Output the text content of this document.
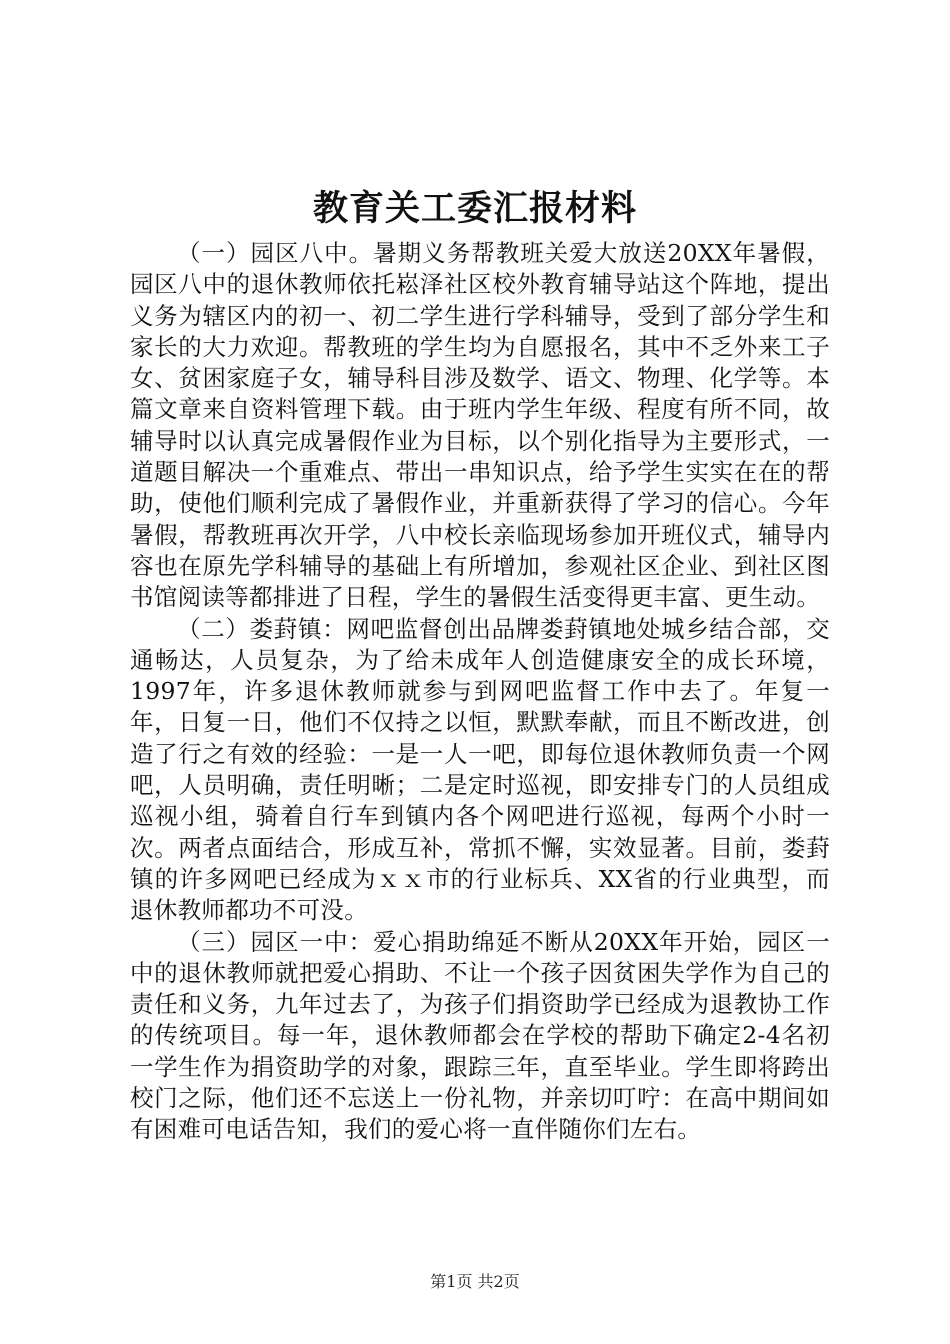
教育关工委汇报材料

（一）园区八中。暑期义务帮教班关爱大放送20XX年暑假，园区八中的退休教师依托崧泽社区校外教育辅导站这个阵地，提出义务为辖区内的初一、初二学生进行学科辅导，受到了部分学生和家长的大力欢迎。帮教班的学生均为自愿报名，其中不乏外来工子女、贫困家庭子女，辅导科目涉及数学、语文、物理、化学等。本篇文章来自资料管理下载。由于班内学生年级、程度有所不同，故辅导时以认真完成暑假作业为目标，以个别化指导为主要形式，一道题目解决一个重难点、带出一串知识点，给予学生实实在在的帮助，使他们顺利完成了暑假作业，并重新获得了学习的信心。今年暑假，帮教班再次开学，八中校长亲临现场参加开班仪式，辅导内容也在原先学科辅导的基础上有所增加，参观社区企业、到社区图书馆阅读等都排进了日程，学生的暑假生活变得更丰富、更生动。

（二）娄葑镇：网吧监督创出品牌娄葑镇地处城乡结合部，交通畅达，人员复杂，为了给未成年人创造健康安全的成长环境，1997年，许多退休教师就参与到网吧监督工作中去了。年复一年，日复一日，他们不仅持之以恒，默默奉献，而且不断改进，创造了行之有效的经验：一是一人一吧，即每位退休教师负责一个网吧，人员明确，责任明晰；二是定时巡视，即安排专门的人员组成巡视小组，骑着自行车到镇内各个网吧进行巡视，每两个小时一次。两者点面结合，形成互补，常抓不懈，实效显著。目前，娄葑镇的许多网吧已经成为ｘｘ市的行业标兵、XX省的行业典型，而退休教师都功不可没。

（三）园区一中：爱心捐助绵延不断从20XX年开始，园区一中的退休教师就把爱心捐助、不让一个孩子因贫困失学作为自己的责任和义务，九年过去了，为孩子们捐资助学已经成为退教协工作的传统项目。每一年，退休教师都会在学校的帮助下确定2-4名初一学生作为捐资助学的对象，跟踪三年，直至毕业。学生即将跨出校门之际，他们还不忘送上一份礼物，并亲切叮咛：在高中期间如有困难可电话告知，我们的爱心将一直伴随你们左右。

第1页 共2页
